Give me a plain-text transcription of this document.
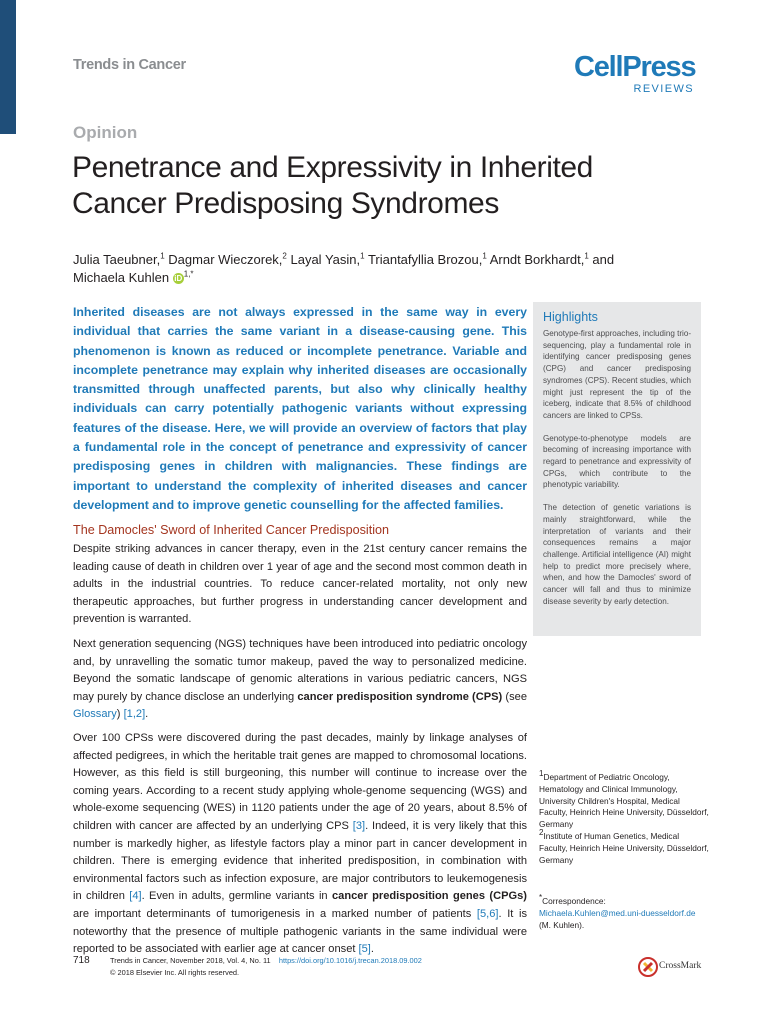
Trends in Cancer	CellPress
REVIEWS
Opinion
Penetrance and Expressivity in Inherited
Cancer Predisposing Syndromes
Julia Taeubner,$^1$ Dagmar Wieczorek,$^2$ Layal Yasin,$^1$ Triantafyllia Brozou,$^1$ Arndt Borkhardt,$^1$ and
Michaela Kuhlen iD $^{1,*}$
Inherited diseases are not always expressed in the same way in every individual that carries the same variant in a disease-causing gene. This phenomenon is known as reduced or incomplete penetrance. Variable and incomplete penetrance may explain why inherited diseases are occasionally transmitted through unaffected parents, but also why clinically healthy individuals can carry potentially pathogenic variants without expressing features of the disease. Here, we will provide an overview of factors that play a fundamental role in the concept of penetrance and expressivity of cancer predisposing genes in children with malignancies. These findings are important to understand the complexity of inherited diseases and cancer development and to improve genetic counselling for the affected families.
Highlights

Genotype-first approaches, including trio-sequencing, play a fundamental role in identifying cancer predisposing genes (CPG) and cancer predisposing syndromes (CPS). Recent studies, which might just represent the tip of the iceberg, indicate that 8.5% of childhood cancers are linked to CPSs.

Genotype-to-phenotype models are becoming of increasing importance with regard to penetrance and expressivity of CPGs, which contribute to the phenotypic variability.

The detection of genetic variations is mainly straightforward, while the interpretation of variants and their consequences remains a major challenge. Artificial intelligence (AI) might help to predict more precisely where, when, and how the Damocles' sword of cancer will fall and thus to minimize disease severity by early detection.

The Damocles' Sword of Inherited Cancer Predisposition

Despite striking advances in cancer therapy, even in the 21st century cancer remains the leading cause of death in children over 1 year of age and the second most common death in adults in the industrial countries. To reduce cancer-related mortality, not only new therapeutic approaches, but further progress in understanding cancer development and prevention is warranted.

Next generation sequencing (NGS) techniques have been introduced into pediatric oncology and, by unravelling the somatic tumor makeup, paved the way to personalized medicine. Beyond the somatic landscape of genomic alterations in various pediatric cancers, NGS may purely by chance disclose an underlying cancer predisposition syndrome (CPS) (see Glossary) [1,2].

Over 100 CPSs were discovered during the past decades, mainly by linkage analyses of affected pedigrees, in which the heritable trait genes are mapped to chromosomal locations. However, as this field is still burgeoning, this number will continue to increase over the coming years. According to a recent study applying whole-genome sequencing (WGS) and whole-exome sequencing (WES) in 1120 patients under the age of 20 years, about 8.5% of children with cancer are affected by an underlying CPS [3]. Indeed, it is very likely that this number is markedly higher, as lifestyle factors play a minor part in cancer development in children. There is emerging evidence that inherited predisposition, in combination with environmental factors such as infection exposure, are major contributors to leukemogenesis in children [4]. Even in adults, germline variants in cancer predisposition genes (CPGs) are important determinants of tumorigenesis in a marked number of patients [5,6]. It is noteworthy that the presence of multiple pathogenic variants in the same individual were reported to be associated with earlier age at cancer onset [5].

$^1$Department of Pediatric Oncology, Hematology and Clinical Immunology, University Children's Hospital, Medical Faculty, Heinrich Heine University, Düsseldorf, Germany
$^2$Institute of Human Genetics, Medical Faculty, Heinrich Heine University, Düsseldorf, Germany
*Correspondence:
Michaela.Kuhlen@med.uni-duesseldorf.de (M. Kuhlen).
718	Trends in Cancer, November 2018, Vol. 4, No. 11 https://doi.org/10.1016/j.trecan.2018.09.002
© 2018 Elsevier Inc. All rights reserved.
CrossMark
